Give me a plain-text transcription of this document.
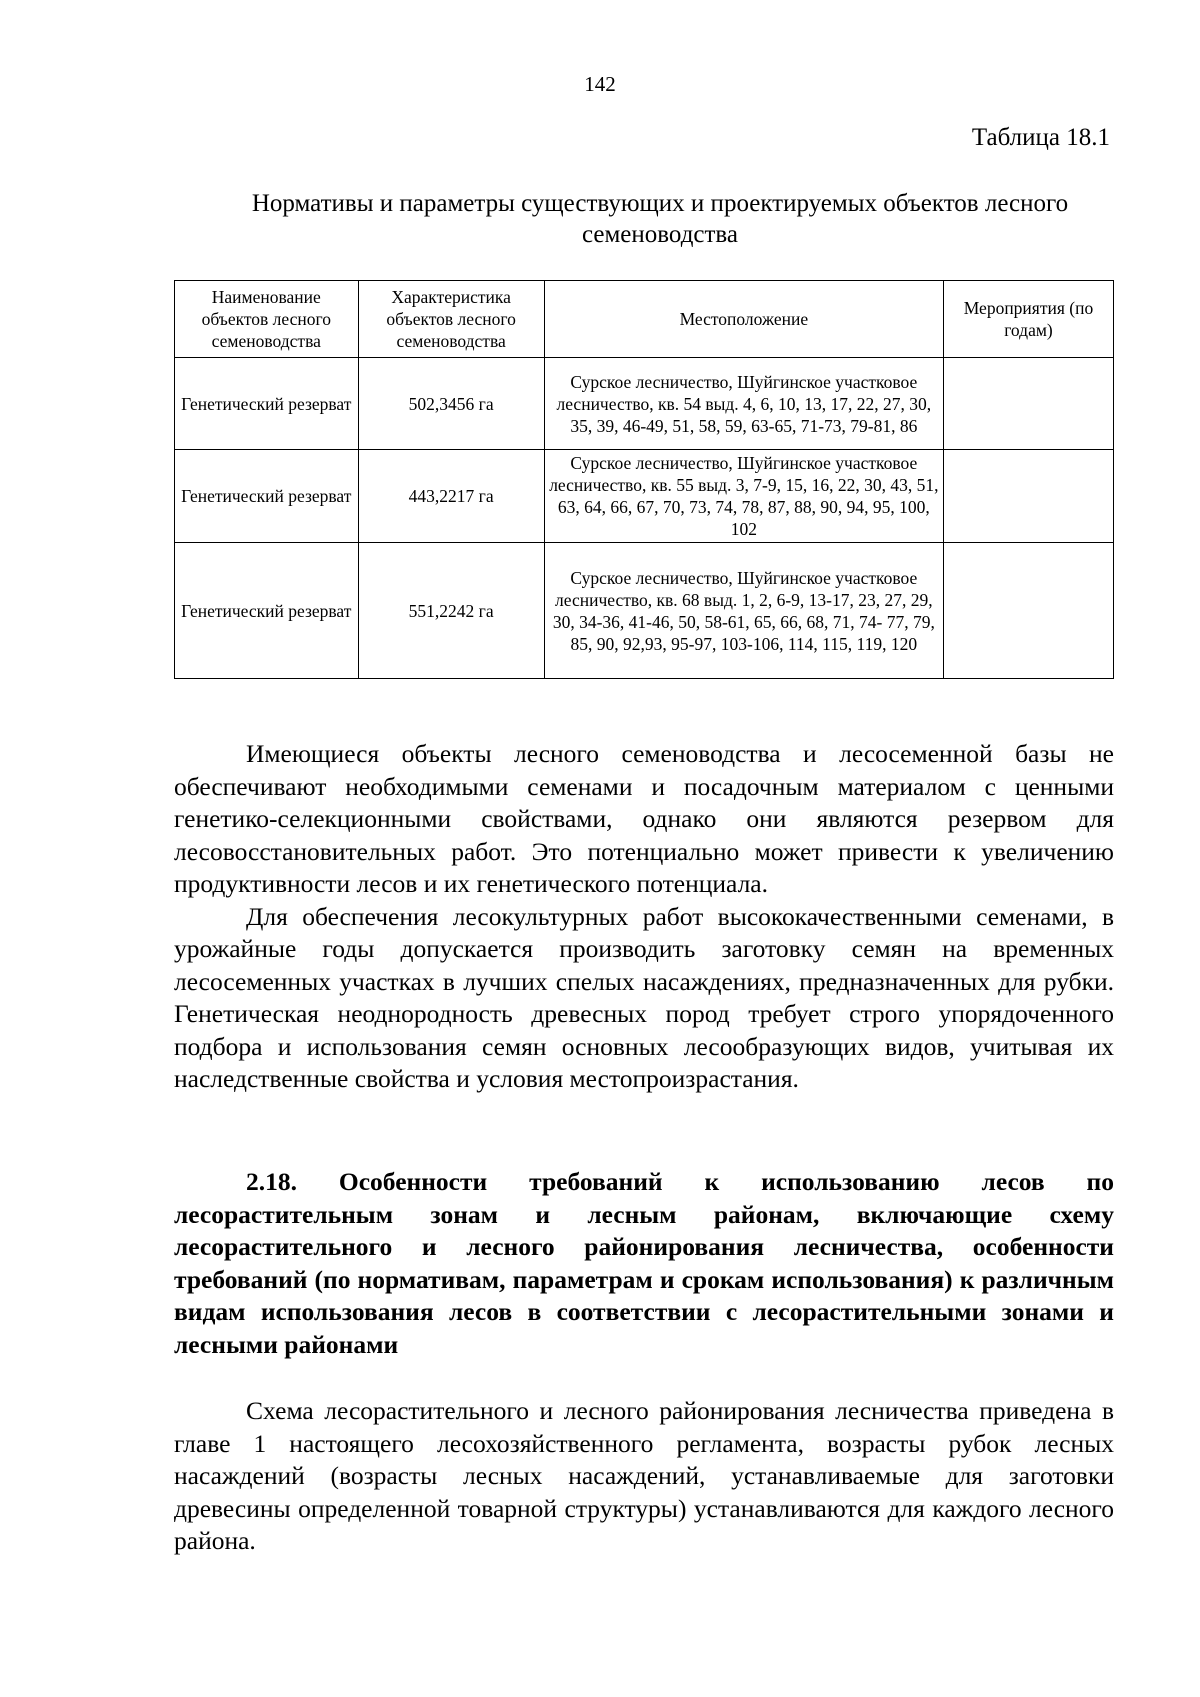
142
Таблица 18.1
Нормативы и параметры существующих и проектируемых объектов лесного семеноводства
Наименование объектов лесного семеноводства	Характеристика объектов лесного семеноводства	Местоположение	Мероприятия (по годам)
Генетический резерват	502,3456 га	Сурское лесничество, Шуйгинское участковое лесничество, кв. 54 выд. 4, 6, 10, 13, 17, 22, 27, 30, 35, 39, 46-49, 51, 58, 59, 63-65, 71-73, 79-81, 86	
Генетический резерват	443,2217 га	Сурское лесничество, Шуйгинское участковое лесничество, кв. 55 выд. 3, 7-9, 15, 16, 22, 30, 43, 51, 63, 64, 66, 67, 70, 73, 74, 78, 87, 88, 90, 94, 95, 100, 102	
Генетический резерват	551,2242 га	Сурское лесничество, Шуйгинское участковое лесничество, кв. 68 выд. 1, 2, 6-9, 13-17, 23, 27, 29, 30, 34-36, 41-46, 50, 58-61, 65, 66, 68, 71, 74- 77, 79, 85, 90, 92,93, 95-97, 103-106, 114, 115, 119, 120	

Имеющиеся объекты лесного семеноводства и лесосеменной базы не обеспечивают необходимыми семенами и посадочным материалом с ценными генетико-селекционными свойствами, однако они являются резервом для лесовосстановительных работ. Это потенциально может привести к увеличению продуктивности лесов и их генетического потенциала.

Для обеспечения лесокультурных работ высококачественными семенами, в урожайные годы допускается производить заготовку семян на временных лесосеменных участках в лучших спелых насаждениях, предназначенных для рубки. Генетическая неоднородность древесных пород требует строго упорядоченного подбора и использования семян основных лесообразующих видов, учитывая их наследственные свойства и условия местопроизрастания.

2.18. Особенности требований к использованию лесов по лесорастительным зонам и лесным районам, включающие схему лесорастительного и лесного районирования лесничества, особенности требований (по нормативам, параметрам и срокам использования) к различным видам использования лесов в соответствии с лесорастительными зонами и лесными районами

Схема лесорастительного и лесного районирования лесничества приведена в главе 1 настоящего лесохозяйственного регламента, возрасты рубок лесных насаждений (возрасты лесных насаждений, устанавливаемые для заготовки древесины определенной товарной структуры) устанавливаются для каждого лесного района.
